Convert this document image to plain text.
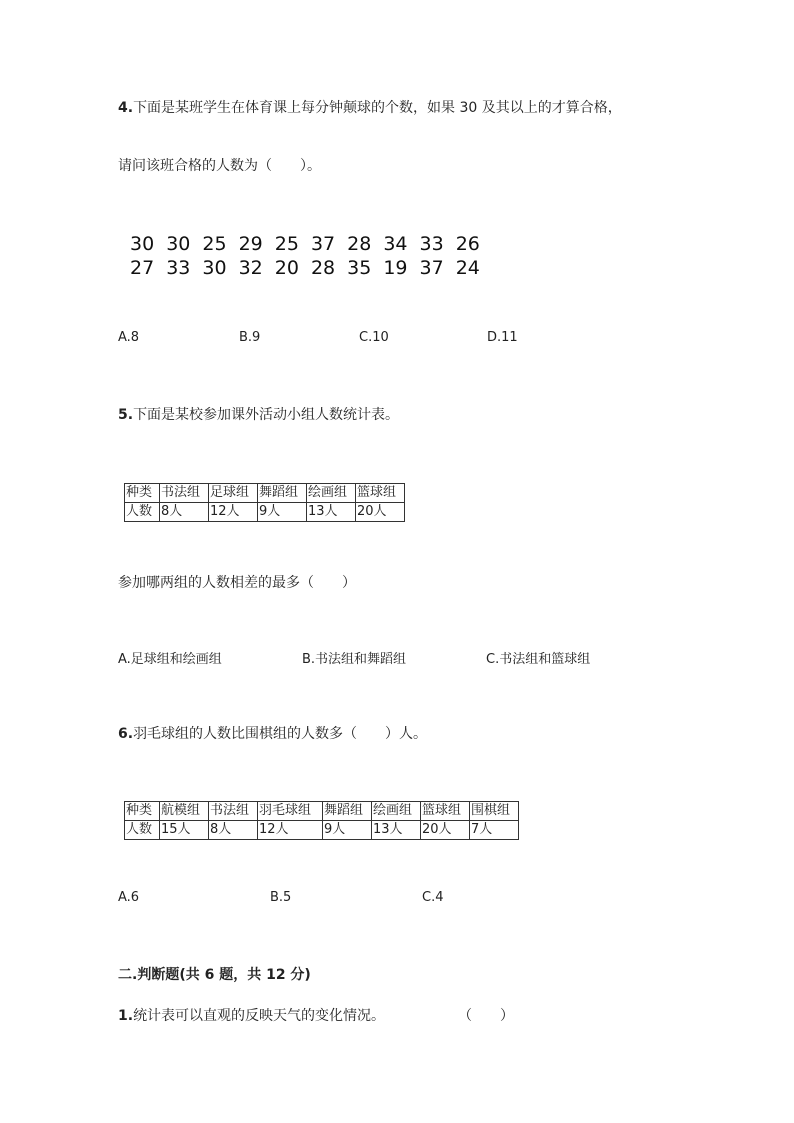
4.下面是某班学生在体育课上每分钟颠球的个数，如果 30 及其以上的才算合格，
请问该班合格的人数为（　　）。
30 30 25 29 25 37 28 34 33 26
27 33 30 32 20 28 35 19 37 24
A.8	B.9	C.10	D.11
5.下面是某校参加课外活动小组人数统计表。
种类	书法组	足球组	舞蹈组	绘画组	篮球组
人数	8人	12人	9人	13人	20人
参加哪两组的人数相差的最多（　　）
A.足球组和绘画组	B.书法组和舞蹈组	C.书法组和篮球组
6.羽毛球组的人数比围棋组的人数多（　　）人。
种类	航模组	书法组	羽毛球组	舞蹈组	绘画组	篮球组	围棋组
人数	15人	8人	12人	9人	13人	20人	7人
A.6	B.5	C.4
二.判断题(共 6 题，共 12 分)
1.统计表可以直观的反映天气的变化情况。	（　　）
